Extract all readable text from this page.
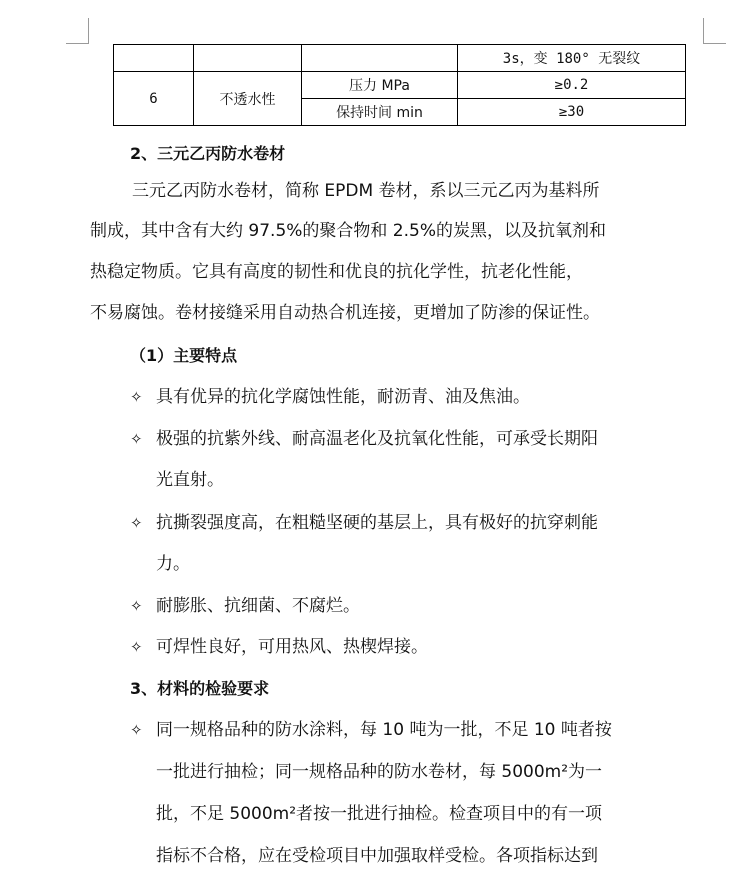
			3s，变 180° 无裂纹
6	不透水性	压力 MPa	≥0.2
		保持时间 min	≥30
2、三元乙丙防水卷材
三元乙丙防水卷材，简称 EPDM 卷材，系以三元乙丙为基料所
制成，其中含有大约 97.5%的聚合物和 2.5%的炭黑，以及抗氧剂和
热稳定物质。它具有高度的韧性和优良的抗化学性，抗老化性能，
不易腐蚀。卷材接缝采用自动热合机连接，更增加了防渗的保证性。
（1）主要特点
✧ 具有优异的抗化学腐蚀性能，耐沥青、油及焦油。
✧ 极强的抗紫外线、耐高温老化及抗氧化性能，可承受长期阳
光直射。
✧ 抗撕裂强度高，在粗糙坚硬的基层上，具有极好的抗穿刺能
力。
✧ 耐膨胀、抗细菌、不腐烂。
✧ 可焊性良好，可用热风、热楔焊接。
3、材料的检验要求
✧ 同一规格品种的防水涂料，每 10 吨为一批，不足 10 吨者按
一批进行抽检；同一规格品种的防水卷材，每 5000m²为一
批，不足 5000m²者按一批进行抽检。检查项目中的有一项
指标不合格，应在受检项目中加强取样受检。各项指标达到
